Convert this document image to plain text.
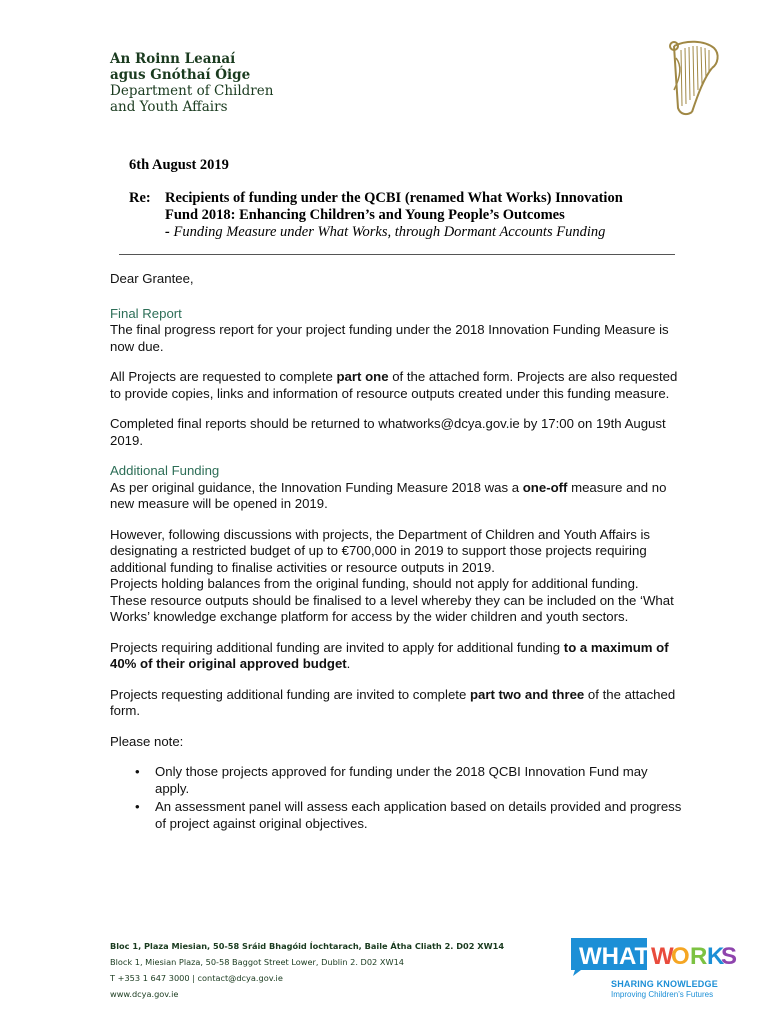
An Roinn Leanaí
agus Gnóthaí Óige
Department of Children
and Youth Affairs
6th August 2019
Re: Recipients of funding under the QCBI (renamed What Works) Innovation
Fund 2018: Enhancing Children’s and Young People’s Outcomes
- Funding Measure under What Works, through Dormant Accounts Funding

Dear Grantee,

Final Report

The final progress report for your project funding under the 2018 Innovation Funding Measure is now due.

All Projects are requested to complete part one of the attached form. Projects are also requested to provide copies, links and information of resource outputs created under this funding measure.

Completed final reports should be returned to whatworks@dcya.gov.ie by 17:00 on 19th August 2019.

Additional Funding

As per original guidance, the Innovation Funding Measure 2018 was a one-off measure and no new measure will be opened in 2019.

However, following discussions with projects, the Department of Children and Youth Affairs is designating a restricted budget of up to €700,000 in 2019 to support those projects requiring additional funding to finalise activities or resource outputs in 2019.

Projects holding balances from the original funding, should not apply for additional funding.

These resource outputs should be finalised to a level whereby they can be included on the ‘What Works’ knowledge exchange platform for access by the wider children and youth sectors.

Projects requiring additional funding are invited to apply for additional funding to a maximum of 40% of their original approved budget.

Projects requesting additional funding are invited to complete part two and three of the attached form.

Please note:

• Only those projects approved for funding under the 2018 QCBI Innovation Fund may apply.
• An assessment panel will assess each application based on details provided and progress of project against original objectives.
Bloc 1, Plaza Miesian, 50-58 Sráid Bhagóid Íochtarach, Baile Átha Cliath 2. D02 XW14
Block 1, Miesian Plaza, 50-58 Baggot Street Lower, Dublin 2. D02 XW14
T +353 1 647 3000 | contact@dcya.gov.ie
www.dcya.gov.ie
WHAT W
O R K
S
SHARING KNOWLEDGE
Improving Children’s Futures
